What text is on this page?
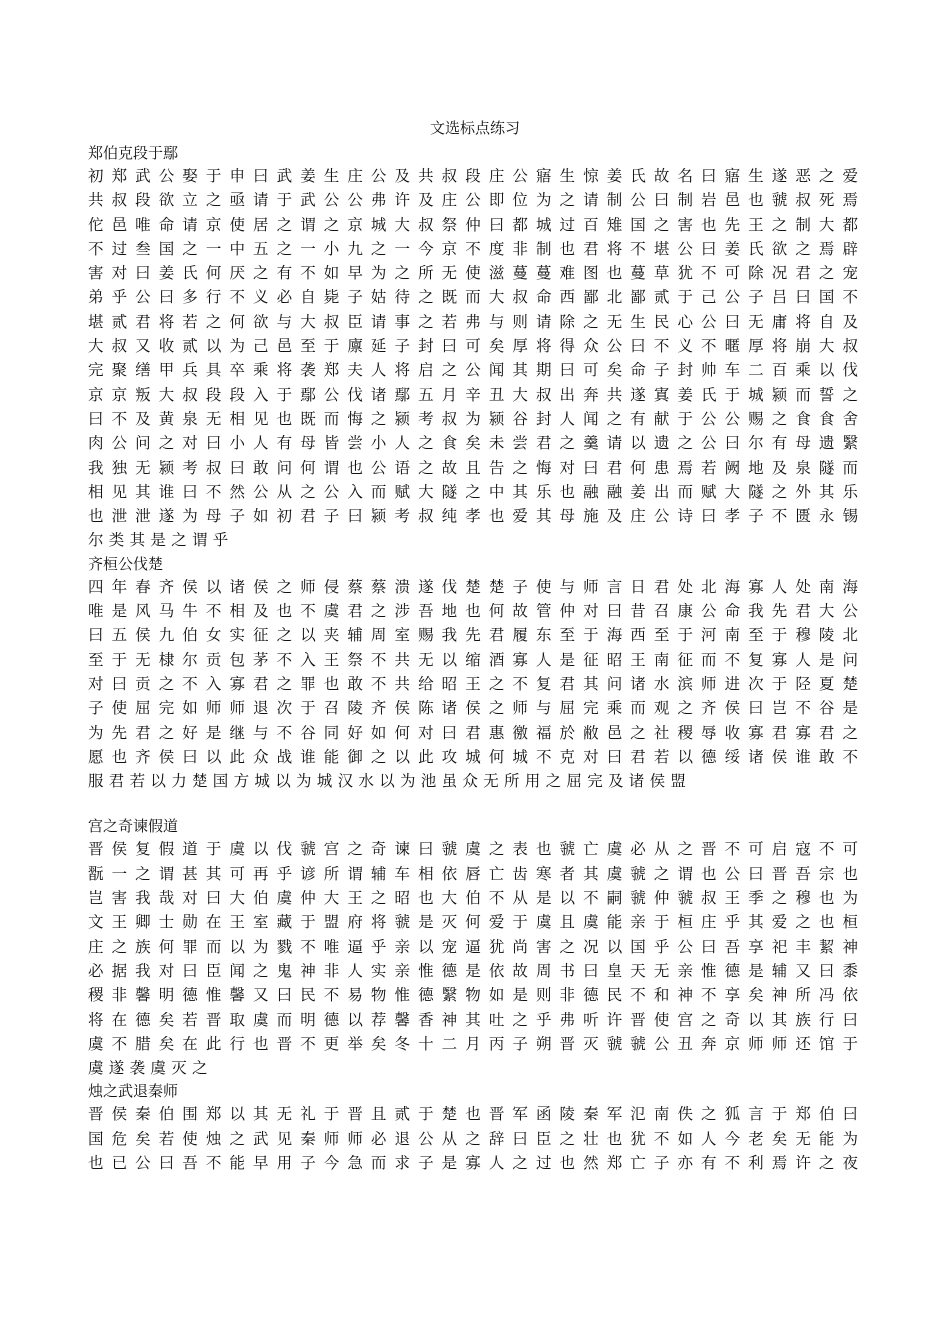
文选标点练习
郑伯克段于鄢
初郑武公娶于申曰武姜生庄公及共叔段庄公寤生惊姜氏故名曰寤生遂恶之爱
共叔段欲立之亟请于武公公弗许及庄公即位为之请制公曰制岩邑也虢叔死焉
佗邑唯命请京使居之谓之京城大叔祭仲曰都城过百雉国之害也先王之制大都
不过叁国之一中五之一小九之一今京不度非制也君将不堪公曰姜氏欲之焉辟
害对曰姜氏何厌之有不如早为之所无使滋蔓蔓难图也蔓草犹不可除况君之宠
弟乎公曰多行不义必自毙子姑待之既而大叔命西鄙北鄙贰于己公子吕曰国不
堪贰君将若之何欲与大叔臣请事之若弗与则请除之无生民心公曰无庸将自及
大叔又收贰以为己邑至于廪延子封曰可矣厚将得众公曰不义不暱厚将崩大叔
完聚缮甲兵具卒乘将袭郑夫人将启之公闻其期曰可矣命子封帅车二百乘以伐
京京叛大叔段段入于鄢公伐诸鄢五月辛丑大叔出奔共遂寘姜氏于城颍而誓之
曰不及黄泉无相见也既而悔之颍考叔为颍谷封人闻之有献于公公赐之食食舍
肉公问之对曰小人有母皆尝小人之食矣未尝君之羹请以遗之公曰尔有母遗繄
我独无颍考叔曰敢问何谓也公语之故且告之悔对曰君何患焉若阙地及泉隧而
相见其谁曰不然公从之公入而赋大隧之中其乐也融融姜出而赋大隧之外其乐
也泄泄遂为母子如初君子曰颍考叔纯孝也爱其母施及庄公诗曰孝子不匮永锡
尔类其是之谓乎
齐桓公伐楚
四年春齐侯以诸侯之师侵蔡蔡溃遂伐楚楚子使与师言日君处北海寡人处南海
唯是风马牛不相及也不虞君之涉吾地也何故管仲对曰昔召康公命我先君大公
曰五侯九伯女实征之以夹辅周室赐我先君履东至于海西至于河南至于穆陵北
至于无棣尔贡包茅不入王祭不共无以缩酒寡人是征昭王南征而不复寡人是问
对曰贡之不入寡君之罪也敢不共给昭王之不复君其问诸水滨师进次于陉夏楚
子使屈完如师师退次于召陵齐侯陈诸侯之师与屈完乘而观之齐侯曰岂不谷是
为先君之好是继与不谷同好如何对曰君惠徼福於敝邑之社稷辱收寡君寡君之
愿也齐侯曰以此众战谁能御之以此攻城何城不克对曰君若以德绥诸侯谁敢不
服君若以力楚国方城以为城汉水以为池虽众无所用之屈完及诸侯盟
宫之奇谏假道
晋侯复假道于虞以伐虢宫之奇谏曰虢虞之表也虢亡虞必从之晋不可启寇不可
翫一之谓甚其可再乎谚所谓辅车相依唇亡齿寒者其虞虢之谓也公曰晋吾宗也
岂害我哉对曰大伯虞仲大王之昭也大伯不从是以不嗣虢仲虢叔王季之穆也为
文王卿士勋在王室藏于盟府将虢是灭何爱于虞且虞能亲于桓庄乎其爱之也桓
庄之族何罪而以为戮不唯逼乎亲以宠逼犹尚害之况以国乎公曰吾享祀丰絜神
必据我对曰臣闻之鬼神非人实亲惟德是依故周书曰皇天无亲惟德是辅又曰黍
稷非馨明德惟馨又曰民不易物惟德繄物如是则非德民不和神不享矣神所冯依
将在德矣若晋取虞而明德以荐馨香神其吐之乎弗听许晋使宫之奇以其族行曰
虞不腊矣在此行也晋不更举矣冬十二月丙子朔晋灭虢虢公丑奔京师师还馆于
虞遂袭虞灭之
烛之武退秦师
晋侯秦伯围郑以其无礼于晋且贰于楚也晋军函陵秦军氾南佚之狐言于郑伯曰
国危矣若使烛之武见秦师师必退公从之辞曰臣之壮也犹不如人今老矣无能为
也已公曰吾不能早用子今急而求子是寡人之过也然郑亡子亦有不利焉许之夜
